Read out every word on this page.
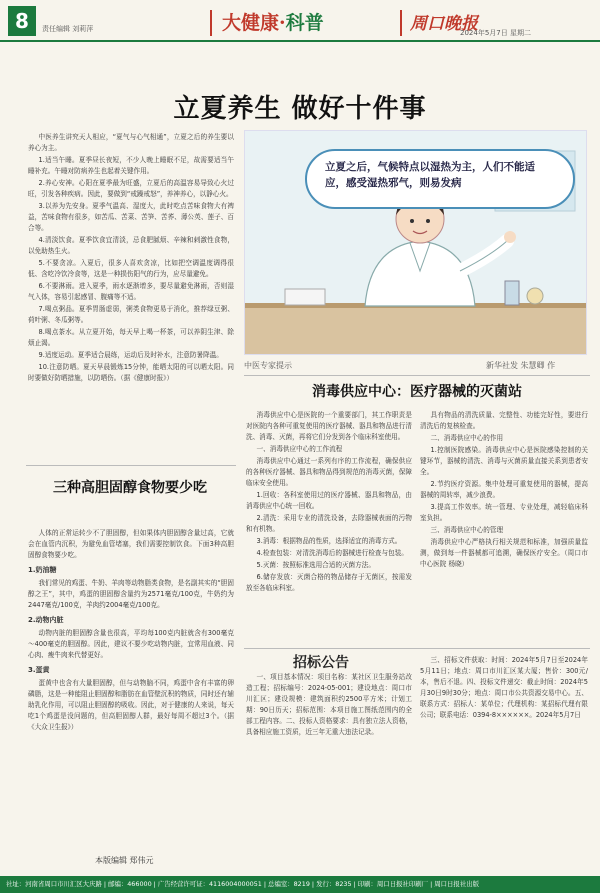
8	责任编辑 刘莉萍	大健康·科普	周口晚报
2024年5月7日 星期二
立夏养生 做好十件事

中医养生讲究天人相应，“夏气与心气相通”，立夏之后的养生要以养心为主。

1.适当午睡。夏季昼长夜短，不少人晚上睡眠不足，故需要适当午睡补充。午睡对防病养生也起着关键作用。

2.养心安神。心阳在夏季最为旺盛，立夏后的高温容易导致心火过旺，引发各种疾病。因此，要做到“戒躁戒怒”，养神养心，以静心火。

3.以养为先安身。夏季气温高、湿度大，此时吃点苦味食物大有裨益，苦味食物有很多，如苦瓜、苦菜、苦笋、苦荞、薄公英、莲子、百合等。

4.清淡饮食。夏季饮食宜清淡，忌食肥腻烦、辛辣和刺激性食物，以免助热生火。

5.不要贪凉。入夏后，很多人喜欢贪凉，比如把空调温度调得很低、含吃冷饮冷食等，这是一种损伤阳气的行为，应尽量避免。

6.不要淋雨。进入夏季，雨水逐渐增多，要尽量避免淋雨，否则湿气入体，容易引起感冒、腹痛等不适。

7.喝点粥品。夏季胃肠虚弱，粥类食物更易于消化，推荐绿豆粥、荷叶粥、冬瓜粥等。

8.喝点茶水。从立夏开始，每天早上喝一杯茶，可以养阴生津、除烦止渴。

9.适度运动。夏季适合晨练，运动后及时补水，注意防暑降温。

10.注意防晒。夏天早晨锻炼15分钟，能晒太阳的可以晒太阳。同时要做好防晒措施，以防晒伤。（据《健康时报》）

立夏之后，气候特点以湿热为主，人们不能适应，感受湿热邪气，则易发病
中医专家提示	新华社发 朱慧卿 作
三种高胆固醇食物要少吃

人体的正常运转少不了胆固醇，但如果体内胆固醇含量过高，它就会在血管内沉积，为避免血管堵塞，我们需要控制饮食。下面3种高胆固醇食物要少吃。

1.奶油糖

我们常见的鸡蛋、牛奶、羊肉等动物脂类食物，是名副其实的“胆固醇之王”，其中，鸡蛋的胆固醇含量约为2571毫克/100克，牛奶约为2447毫克/100克，羊肉约2004毫克/100克。

2.动物内脏

动物内脏的胆固醇含量也很高，平均每100克内脏就含有300毫克～400毫克的胆固醇。因此，建议不要少吃动物内脏，宜常用血液、同心肉、瘦牛肉来代替更好。

3.蛋黄

蛋黄中也含有大量胆固醇，但与动物脑不同，鸡蛋中含有丰富的卵磷脂，这是一种能阻止胆固醇和脂肪在血管壁沉积的物质，同时还有辅助乳化作用，可以阻止胆固醇的吸收。因此，对于健康的人来说，每天吃1个鸡蛋是没问题的，但高胆固醇人群，最好每周不超过3个。（据《大众卫生报》）

消毒供应中心：医疗器械的灭菌站

消毒供应中心是医院的一个重要部门，其工作职责是对医院内各种可重复使用的医疗器械、器具和物品进行清洗、消毒、灭菌，再将它们分发到各个临床科室使用。

一、消毒供应中心的工作流程

消毒供应中心通过一系列有序的工作流程，确保供应的各种医疗器械、器具和物品得到规范的消毒灭菌，保障临床安全使用。

1.回收：各科室使用过的医疗器械、器具和物品，由消毒供应中心统一回收。

2.清洗：采用专业的清洗设备，去除器械表面的污物和有机物。

3.消毒：根据物品的性质，选择适宜的消毒方式。

4.检查包装：对清洗消毒后的器械进行检查与包装。

5.灭菌：按照标准选用合适的灭菌方法。

6.储存发放：灭菌合格的物品储存于无菌区，按需发放至各临床科室。

具有物品的清洗质量、完整性、功能完好性，要进行清洗后的复核检查。

二、消毒供应中心的作用

1.控制医院感染。消毒供应中心是医院感染控制的关键环节，器械的清洗、消毒与灭菌质量直接关系到患者安全。

2.节约医疗资源。集中处理可重复使用的器械，提高器械的周转率，减少浪费。

3.提高工作效率。统一管理、专业处理，减轻临床科室负担。

三、消毒供应中心的管理

消毒供应中心严格执行相关规范和标准，加强质量监测，做到每一件器械都可追溯，确保医疗安全。（周口市中心医院 杨晓）

招标公告

一、项目基本情况：项目名称：某社区卫生服务站改造工程；招标编号：2024-05-001；建设地点：周口市川汇区；建设规模：建筑面积约2500平方米；计划工期：90日历天；招标范围：本项目施工图纸范围内的全部工程内容。二、投标人资格要求：具有独立法人资格，具备相应施工资质，近三年无重大违法记录。

三、招标文件获取：时间：2024年5月7日至2024年5月11日；地点：周口市川汇区某大厦；售价：300元/本，售后不退。四、投标文件递交：截止时间：2024年5月30日9时30分；地点：周口市公共资源交易中心。五、联系方式：招标人：某单位；代理机构：某招标代理有限公司；联系电话：0394-8××××××。2024年5月7日

本版编辑 郑伟元
社址：河南省周口市川汇区大庆路 | 邮编：466000 | 广告经营许可证：4116004000051 | 总编室：8219 | 发行：8235 | 印刷：周口日报社印刷厂 | 周口日报社出版
